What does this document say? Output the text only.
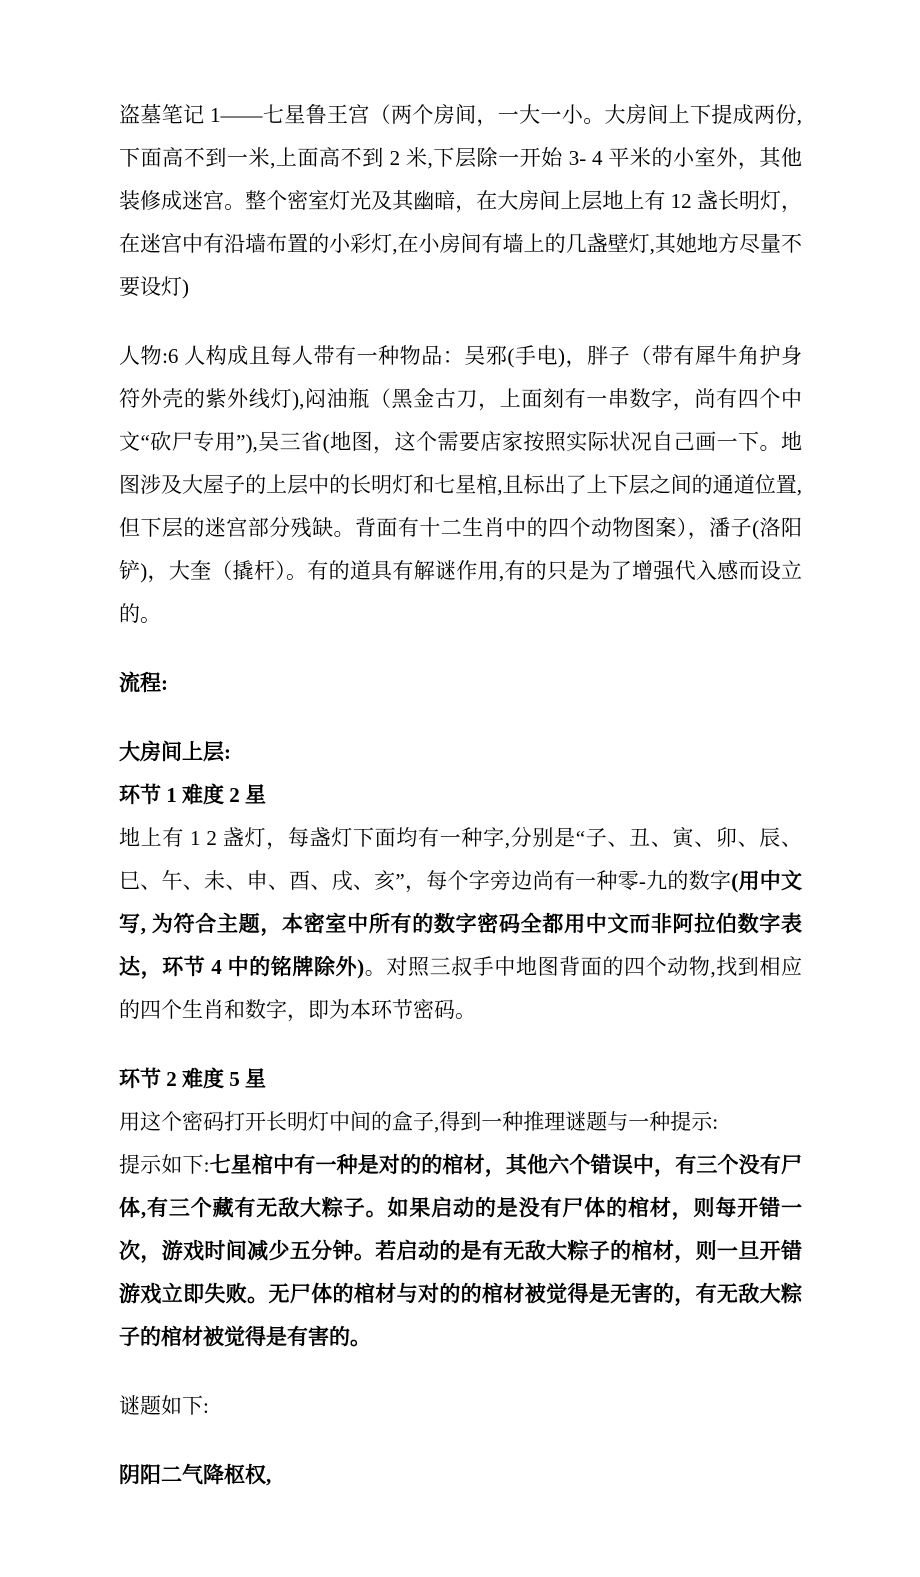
盗墓笔记 1——七星鲁王宫（两个房间，一大一小。大房间上下提成两份,下面高不到一米,上面高不到 2 米,下层除一开始 3- 4 平米的小室外，其他装修成迷宫。整个密室灯光及其幽暗，在大房间上层地上有 12 盏长明灯，在迷宫中有沿墙布置的小彩灯,在小房间有墙上的几盏壁灯,其她地方尽量不要设灯)
人物:6 人构成且每人带有一种物品：吴邪(手电)，胖子（带有犀牛角护身符外壳的紫外线灯),闷油瓶（黑金古刀，上面刻有一串数字，尚有四个中文“砍尸专用”),吴三省(地图，这个需要店家按照实际状况自己画一下。地图涉及大屋子的上层中的长明灯和七星棺,且标出了上下层之间的通道位置,但下层的迷宫部分残缺。背面有十二生肖中的四个动物图案），潘子(洛阳铲)，大奎（撬杆）。有的道具有解谜作用,有的只是为了增强代入感而设立的。
流程:
大房间上层:
环节 1 难度 2 星
地上有 1 2 盏灯，每盏灯下面均有一种字,分别是“子、丑、寅、卯、辰、巳、午、未、申、酉、戌、亥”，每个字旁边尚有一种零-九的数字(用中文写, 为符合主题，本密室中所有的数字密码全都用中文而非阿拉伯数字表达，环节 4 中的铭牌除外)。对照三叔手中地图背面的四个动物,找到相应的四个生肖和数字，即为本环节密码。
环节 2 难度 5 星
用这个密码打开长明灯中间的盒子,得到一种推理谜题与一种提示:
提示如下:七星棺中有一种是对的的棺材，其他六个错误中，有三个没有尸体,有三个藏有无敌大粽子。如果启动的是没有尸体的棺材，则每开错一次，游戏时间减少五分钟。若启动的是有无敌大粽子的棺材，则一旦开错游戏立即失败。无尸体的棺材与对的的棺材被觉得是无害的，有无敌大粽子的棺材被觉得是有害的。
谜题如下:
阴阳二气降枢权,
